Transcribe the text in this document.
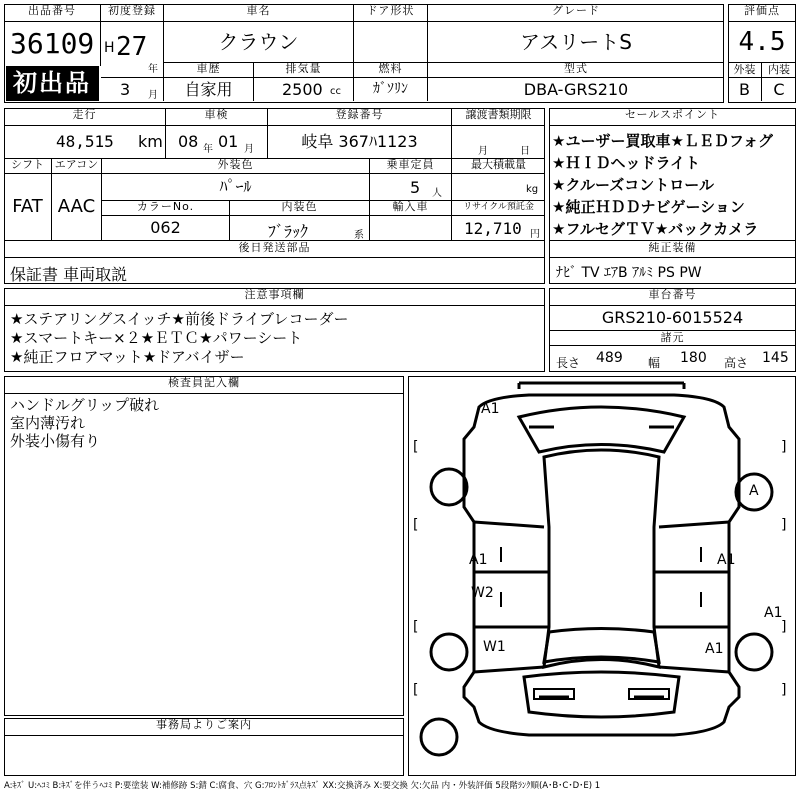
出品番号
36109
初出品
初度登録
H 27
年
3 月
車名
クラウン
ドア形状	グレード
アスリートS
車歴
自家用
排気量
2500 cc
燃料
ｶﾞｿﾘﾝ
型式
DBA-GRS210
評価点
4.5
外装	内装
B	C
走行
48,515 km
車検
08 年 01 月
登録番号
岐阜 367ﾊ1123
譲渡書類期限
月	日
シフト
FAT
エアコン
AAC
外装色
ﾊﾟｰﾙ
乗車定員
5 人
最大積載量
kg
カラーNo.
062
内装色
ﾌﾞﾗｯｸ	系
輸入車	リサイクル預託金
12,710 円
後日発送部品
保証書 車両取説
セールスポイント
★ユーザー買取車★ＬＥＤフォグ
★ＨＩＤヘッドライト
★クルーズコントロール
★純正ＨＤＤナビゲーション
★フルセグＴＶ★バックカメラ
純正装備
ﾅﾋﾞ TV ｴｱB ｱﾙﾐ PS PW
注意事項欄
★ステアリングスイッチ★前後ドライブレコーダー
★スマートキー×２★ＥＴＣ★パワーシート
★純正フロアマット★ドアバイザー
車台番号
GRS210-6015524
諸元
長さ 489 幅 180 高さ 145
検査員記入欄
ハンドルグリップ破れ
室内薄汚れ
外装小傷有り
事務局よりご案内
A1
A
A1	A1
W2
A1
W1	A1
[	]
[	]
[	]
[	]
A:ｷｽﾞ U:ﾍｺﾐ B:ｷｽﾞを伴うﾍｺﾐ P:要塗装 W:補修跡 S:錆 C:腐食、穴 G:ﾌﾛﾝﾄｶﾞﾗｽ点ｷｽﾞ XX:交換済み X:要交換 欠:欠品 内・外装評価 5段階ﾗﾝｸ順(A･B･C･D･E) 1
